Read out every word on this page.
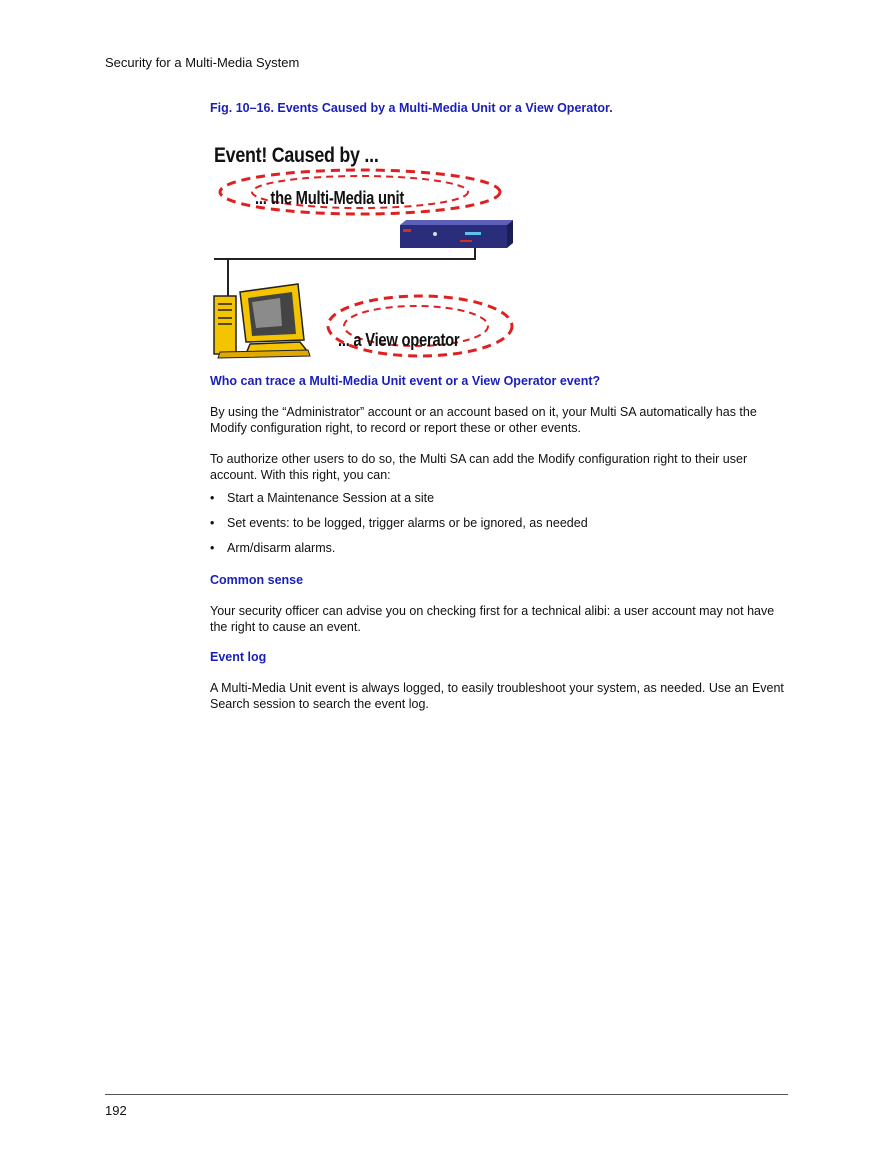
Security for a Multi-Media System

Fig. 10–16. Events Caused by a Multi-Media Unit or a View Operator.

Event! Caused by ...
... the Multi-Media unit
... a View operator
Who can trace a Multi-Media Unit event or a View Operator event?

By using the “Administrator” account or an account based on it, your Multi SA automatically has the Modify configuration right, to record or report these or other events.

To authorize other users to do so, the Multi SA can add the Modify configuration right to their user account. With this right, you can:

• Start a Maintenance Session at a site
• Set events: to be logged, trigger alarms or be ignored, as needed
• Arm/disarm alarms.
Common sense

Your security officer can advise you on checking first for a technical alibi: a user account may not have the right to cause an event.

Event log

A Multi-Media Unit event is always logged, to easily troubleshoot your system, as needed. Use an Event Search session to search the event log.

192
